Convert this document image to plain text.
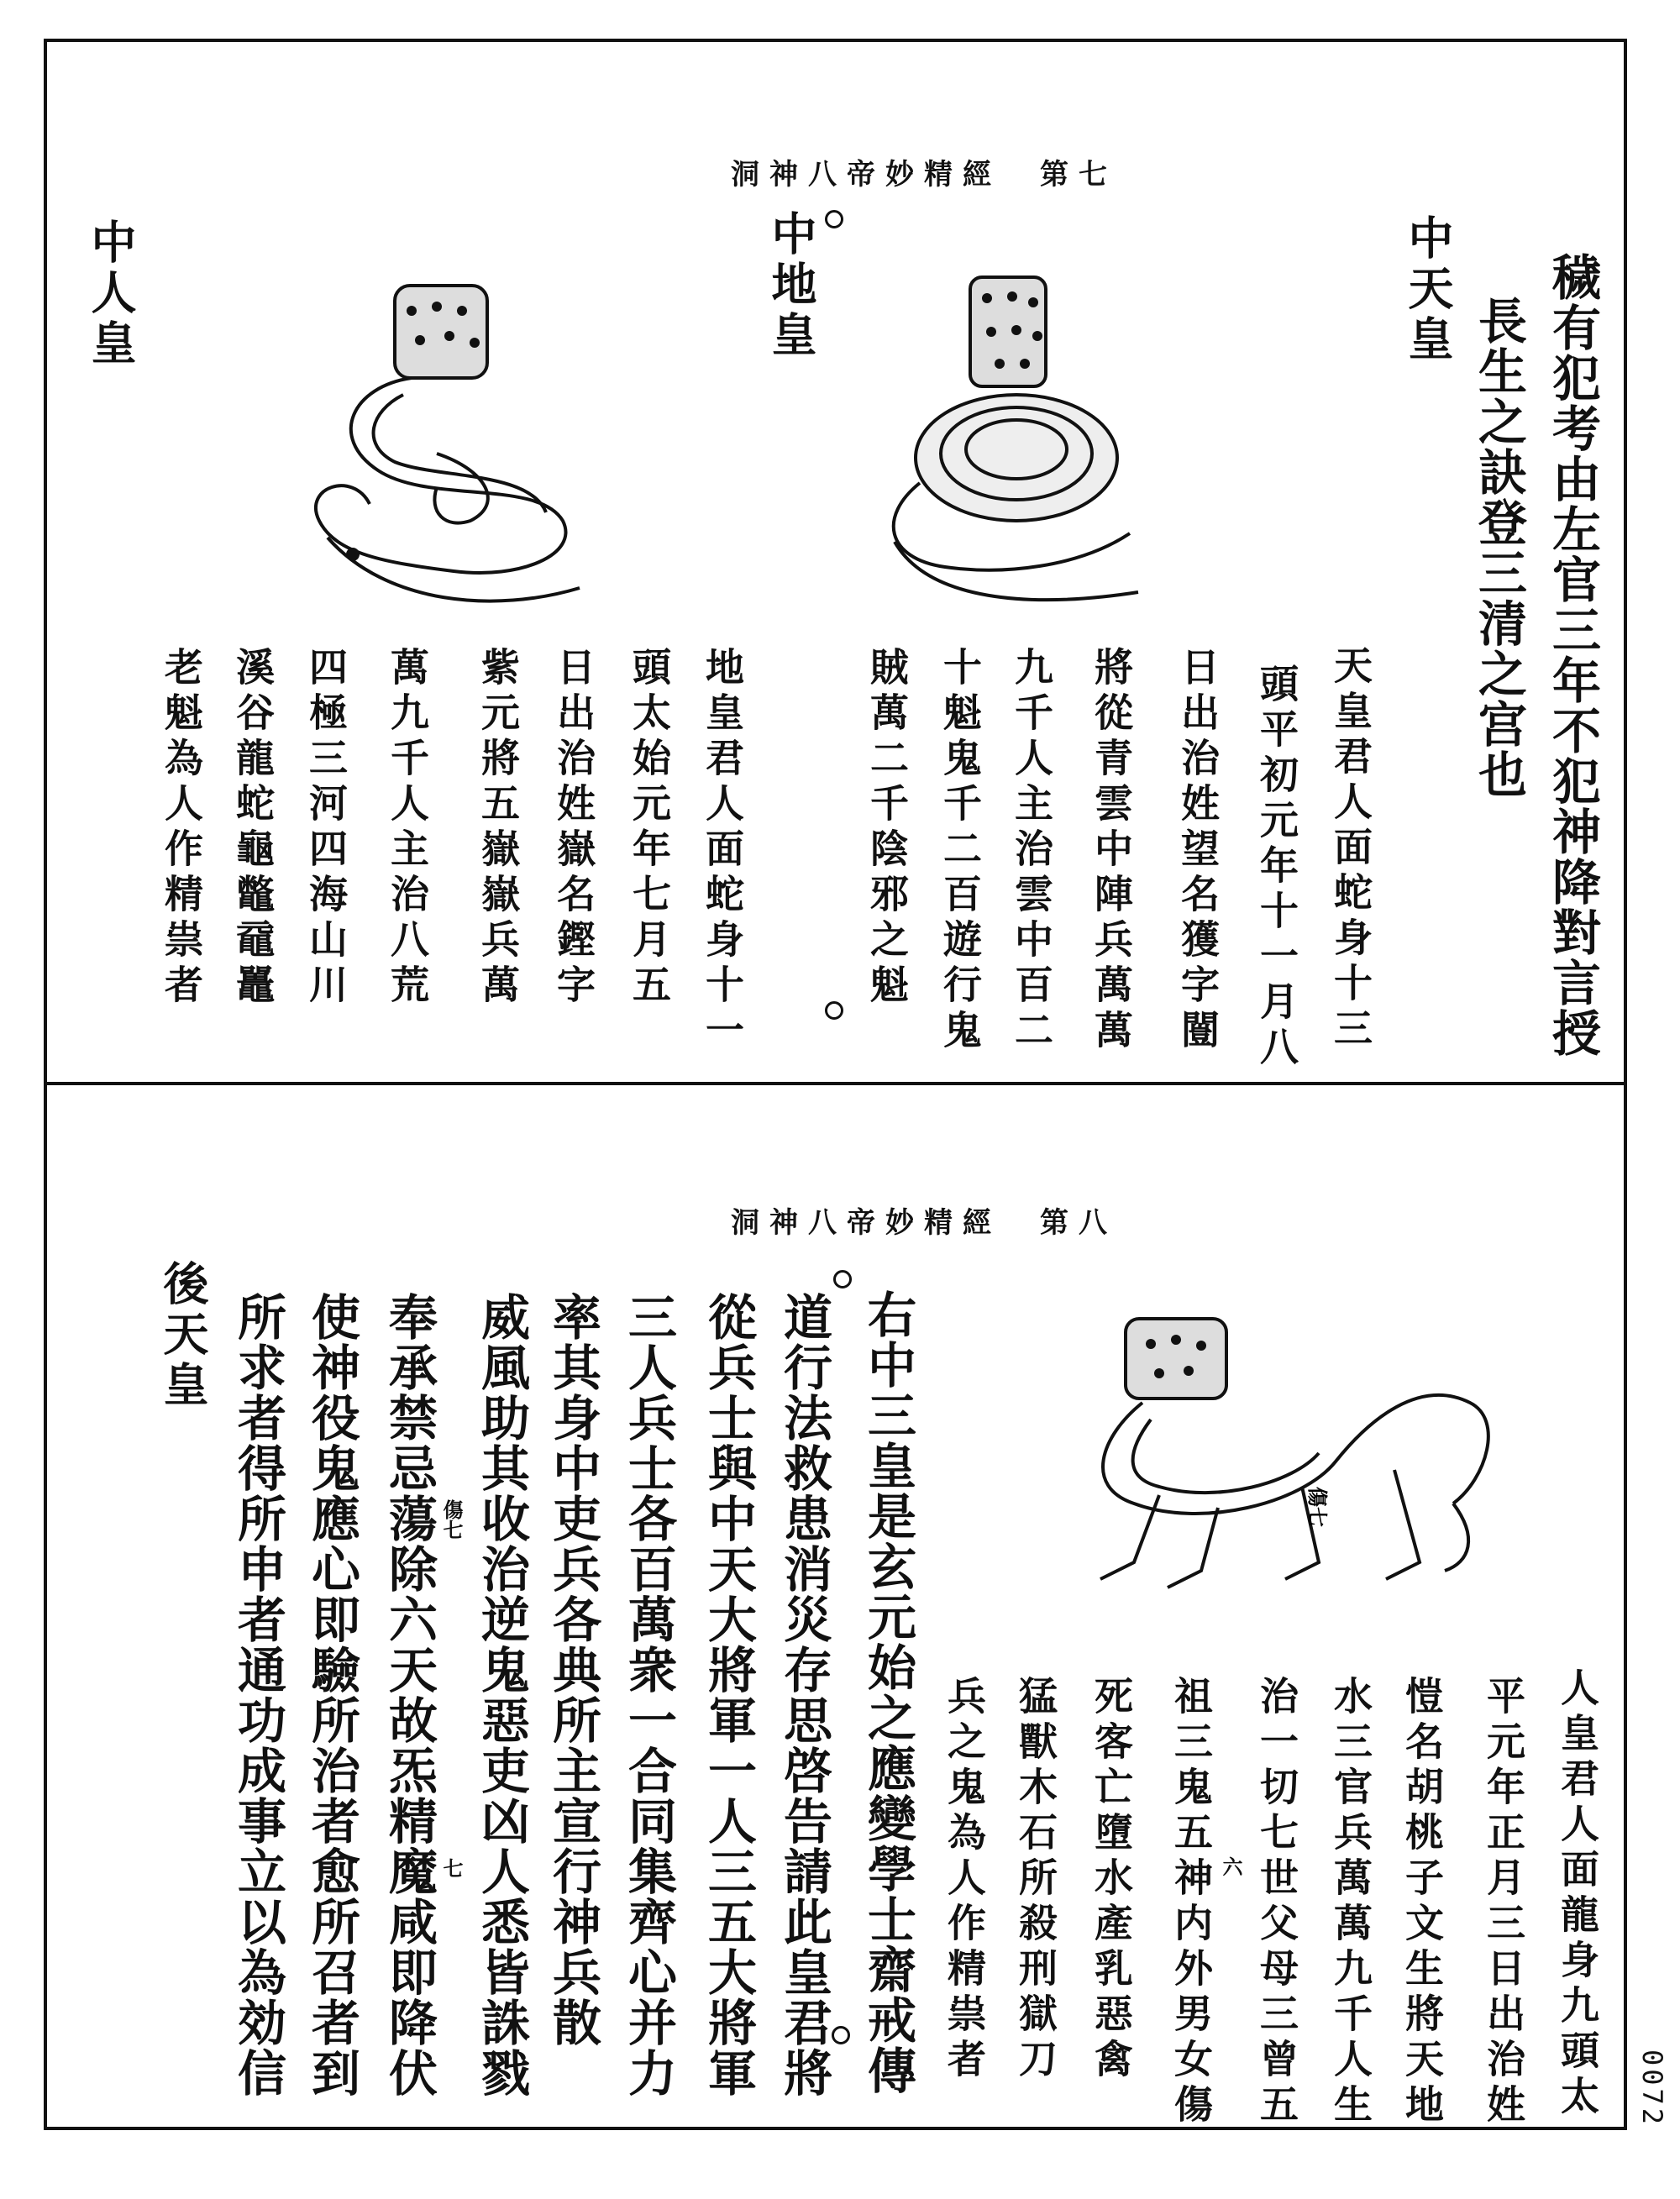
洞神八帝妙精經　第七
穢有犯考由左官三年不犯神降對言授
長生之訣登三清之宫也
中天皇
中地皇
中人皇
天皇君人面蛇身十三
頭平初元年十一月八
日出治姓望名獲字闓
將從青雲中陣兵萬萬
九千人主治雲中百二
十魁鬼千二百遊行鬼
賊萬二千陰邪之魁
地皇君人面蛇身十一
頭太始元年七月五
日出治姓嶽名鏗字
紫元將五嶽嶽兵萬
萬九千人主治八荒
四極三河四海山川
溪谷龍蛇龜鼈黿鼉
老魁為人作精祟者
洞神八帝妙精經　第八
後天皇
人皇君人面龍身九頭太
平元年正月三日出治姓
愷名胡桃子文生將天地
水三官兵萬萬九千人生
治一切七世父母三曾五
祖三鬼五神内外男女傷
死客亡墮水產乳惡禽
猛獸木石所殺刑獄刀
兵之鬼為人作精祟者
右中三皇是玄元始之應變學士齋戒傳
道行法救患消災存思啓告請此皇君將
從兵士與中天大將軍一人三五大將軍
三人兵士各百萬衆一合同集齊心并力
率其身中吏兵各典所主宣行神兵散
威風助其收治逆鬼惡吏凶人悉皆誅戮
奉承禁忌蕩除六天故炁精魔咸即降伏
使神役鬼應心即驗所治者愈所召者到
所求者得所申者通功成事立以為効信	傷七
六
七
傷七
0072
